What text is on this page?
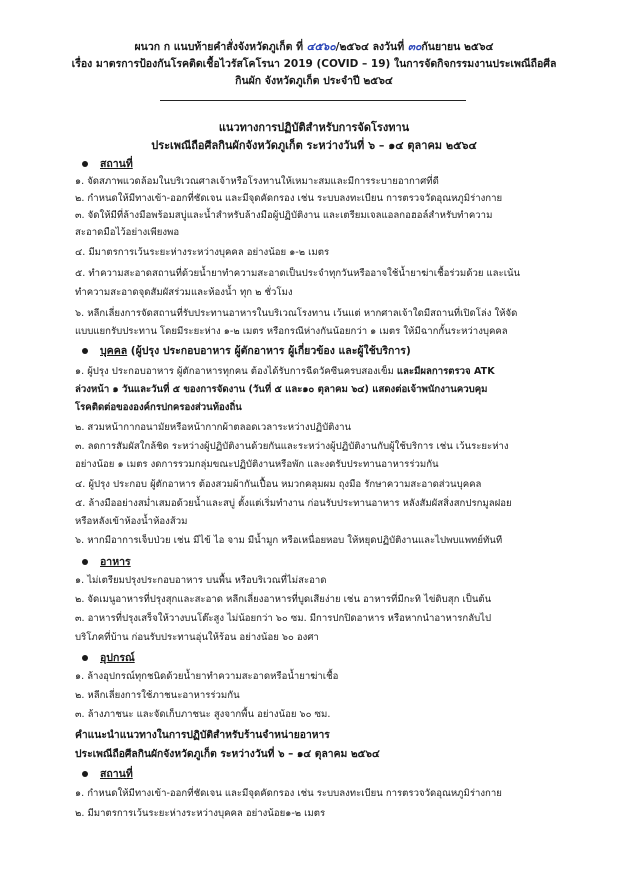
ผนวก ก แนบท้ายคำสั่งจังหวัดภูเก็ต ที่ ๔๕๖๐/๒๕๖๔ ลงวันที่ ๓๐กันยายน ๒๕๖๔
เรื่อง มาตรการป้องกันโรคติดเชื้อไวรัสโคโรนา 2019 (COVID – 19) ในการจัดกิจกรรมงานประเพณีถือศีล
กินผัก จังหวัดภูเก็ต ประจำปี ๒๕๖๔
แนวทางการปฏิบัติสำหรับการจัดโรงทาน
ประเพณีถือศีลกินผักจังหวัดภูเก็ต ระหว่างวันที่ ๖ – ๑๔ ตุลาคม ๒๕๖๔
สถานที่
๑. จัดสภาพแวดล้อมในบริเวณศาลเจ้าหรือโรงทานให้เหมาะสมและมีการระบายอากาศที่ดี
๒. กำหนดให้มีทางเข้า-ออกที่ชัดเจน และมีจุดคัดกรอง เช่น ระบบลงทะเบียน การตรวจวัดอุณหภูมิร่างกาย
๓. จัดให้มีที่ล้างมือพร้อมสบู่และน้ำสำหรับล้างมือผู้ปฏิบัติงาน และเตรียมเจลแอลกอฮอล์สำหรับทำความ
สะอาดมือไว้อย่างเพียงพอ
๔. มีมาตรการเว้นระยะห่างระหว่างบุคคล อย่างน้อย ๑-๒ เมตร
๕. ทำความสะอาดสถานที่ด้วยน้ำยาทำความสะอาดเป็นประจำทุกวันหรืออาจใช้น้ำยาฆ่าเชื้อร่วมด้วย และเน้น
ทำความสะอาดจุดสัมผัสร่วมและห้องน้ำ ทุก ๒ ชั่วโมง
๖. หลีกเลี่ยงการจัดสถานที่รับประทานอาหารในบริเวณโรงทาน เว้นแต่ หากศาลเจ้าใดมีสถานที่เปิดโล่ง ให้จัด
แบบแยกรับประทาน โดยมีระยะห่าง ๑-๒ เมตร หรือกรณีห่างกันน้อยกว่า ๑ เมตร ให้มีฉากกั้นระหว่างบุคคล
บุคคล (ผู้ปรุง ประกอบอาหาร ผู้ตักอาหาร ผู้เกี่ยวข้อง และผู้ใช้บริการ)
๑. ผู้ปรุง ประกอบอาหาร ผู้ตักอาหารทุกคน ต้องได้รับการฉีดวัคซีนครบสองเข็ม และมีผลการตรวจ ATK
ล่วงหน้า ๑ วันและวันที่ ๕ ของการจัดงาน (วันที่ ๕ และ๑๐ ตุลาคม ๖๔) แสดงต่อเจ้าพนักงานควบคุม
โรคติดต่อขององค์กรปกครองส่วนท้องถิ่น
๒. สวมหน้ากากอนามัยหรือหน้ากากผ้าตลอดเวลาระหว่างปฏิบัติงาน
๓. ลดการสัมผัสใกล้ชิด ระหว่างผู้ปฏิบัติงานด้วยกันและระหว่างผู้ปฏิบัติงานกับผู้ใช้บริการ เช่น เว้นระยะห่าง
อย่างน้อย ๑ เมตร งดการรวมกลุ่มขณะปฏิบัติงานหรือพัก และงดรับประทานอาหารร่วมกัน
๔. ผู้ปรุง ประกอบ ผู้ตักอาหาร ต้องสวมผ้ากันเปื้อน หมวกคลุมผม ถุงมือ รักษาความสะอาดส่วนบุคคล
๕. ล้างมืออย่างสม่ำเสมอด้วยน้ำและสบู่ ตั้งแต่เริ่มทำงาน ก่อนรับประทานอาหาร หลังสัมผัสสิ่งสกปรกมูลฝอย
หรือหลังเข้าห้องน้ำห้องส้วม
๖. หากมีอาการเจ็บป่วย เช่น มีไข้ ไอ จาม มีน้ำมูก หรือเหนื่อยหอบ ให้หยุดปฏิบัติงานและไปพบแพทย์ทันที
อาหาร
๑. ไม่เตรียมปรุงประกอบอาหาร บนพื้น หรือบริเวณที่ไม่สะอาด
๒. จัดเมนูอาหารที่ปรุงสุกและสะอาด หลีกเลี่ยงอาหารที่บูดเสียง่าย เช่น อาหารที่มีกะทิ ไข่ดิบสุก เป็นต้น
๓. อาหารที่ปรุงเสร็จให้วางบนโต๊ะสูง ไม่น้อยกว่า ๖๐ ซม. มีการปกปิดอาหาร หรือหากนำอาหารกลับไป
บริโภคที่บ้าน ก่อนรับประทานอุ่นให้ร้อน อย่างน้อย ๖๐ องศา
อุปกรณ์
๑. ล้างอุปกรณ์ทุกชนิดด้วยน้ำยาทำความสะอาดหรือน้ำยาฆ่าเชื้อ
๒. หลีกเลี่ยงการใช้ภาชนะอาหารร่วมกัน
๓. ล้างภาชนะ และจัดเก็บภาชนะ สูงจากพื้น อย่างน้อย ๖๐ ซม.
คำแนะนำแนวทางในการปฏิบัติสำหรับร้านจำหน่ายอาหาร
ประเพณีถือศีลกินผักจังหวัดภูเก็ต ระหว่างวันที่ ๖ – ๑๔ ตุลาคม ๒๕๖๔
สถานที่
๑. กำหนดให้มีทางเข้า-ออกที่ชัดเจน และมีจุดคัดกรอง เช่น ระบบลงทะเบียน การตรวจวัดอุณหภูมิร่างกาย
๒. มีมาตรการเว้นระยะห่างระหว่างบุคคล อย่างน้อย๑-๒ เมตร
